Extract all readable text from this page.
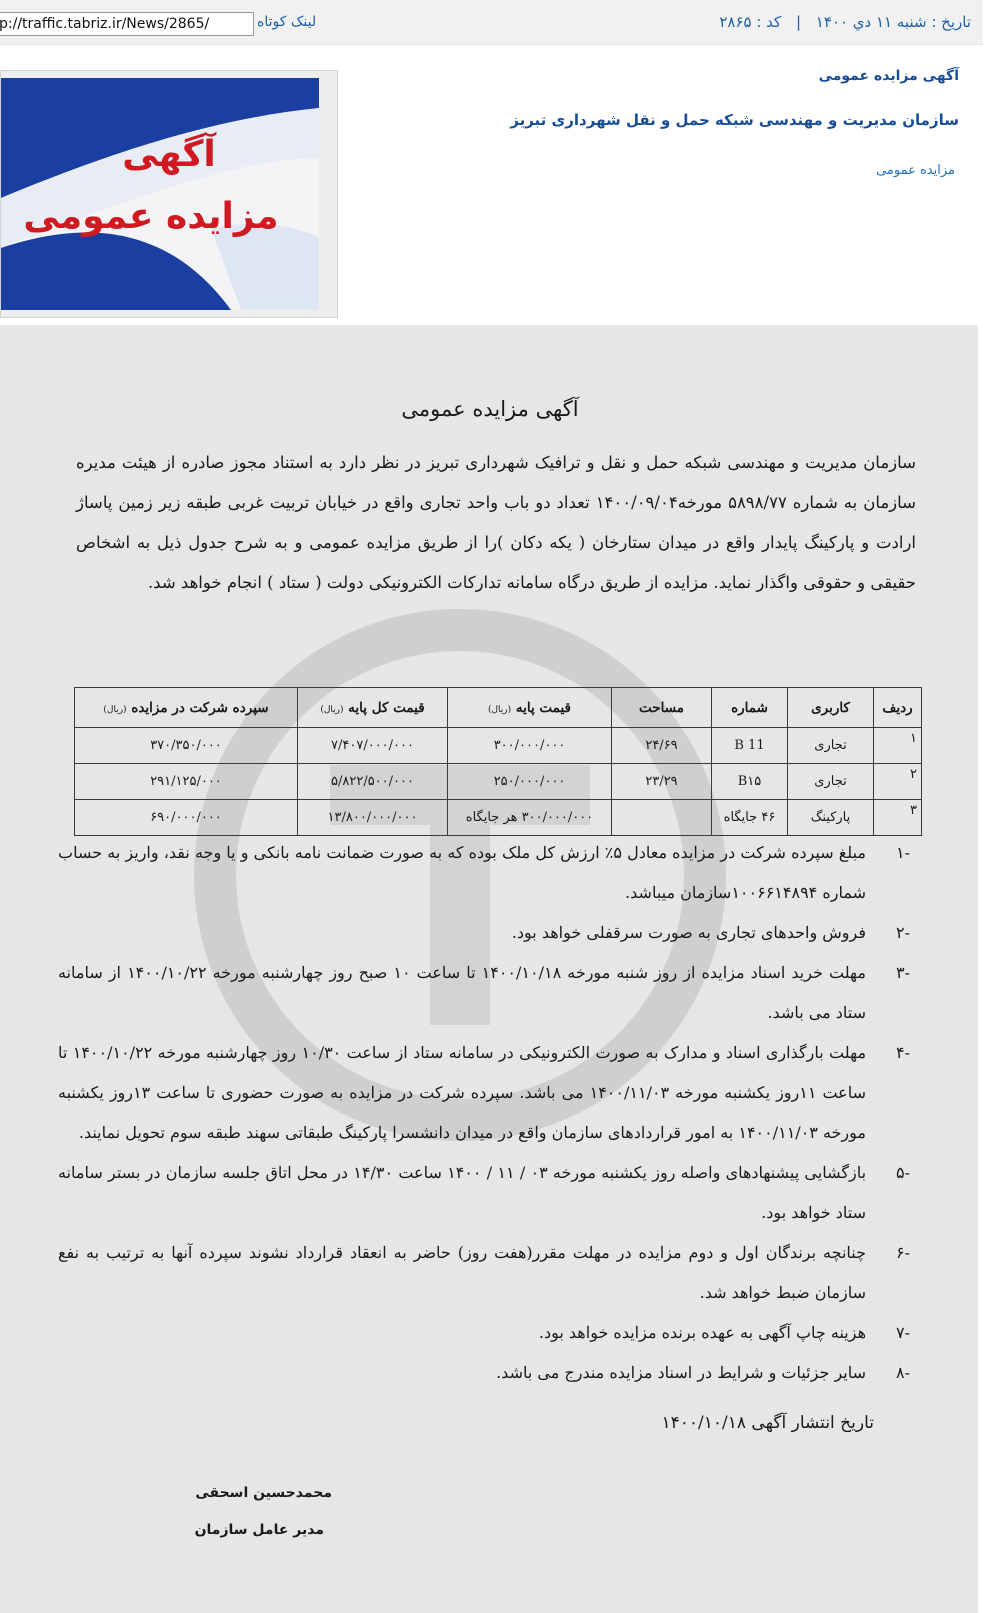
تاریخ : شنبه ۱۱ دي ۱۴۰۰ | کد : ۲۸۶۵
لینک کوتاه
p://traffic.tabriz.ir/News/2865/
آگهی مزایده عمومی
سازمان مدیریت و مهندسی شبکه حمل و نقل شهرداری تبریز
مزایده عمومی
آگهی
مزایده عمومی
آگهی مزایده عمومی

سازمان مدیریت و مهندسی شبکه حمل و نقل و ترافیک شهرداری تبریز در نظر دارد به استناد مجوز صادره از هیئت مدیره سازمان به شماره ۵۸۹۸/۷۷ مورخه۱۴۰۰/۰۹/۰۴ تعداد دو باب واحد تجاری واقع در خیابان تربیت غربی طبقه زیر زمین پاساژ ارادت و پارکینگ پایدار واقع در میدان ستارخان ( یکه دکان )را از طریق مزایده عمومی و به شرح جدول ذیل به اشخاص حقیقی و حقوقی واگذار نماید. مزایده از طریق درگاه سامانه تدارکات الکترونیکی دولت ( ستاد ) انجام خواهد شد.

ردیف	کاربری	شماره	مساحت	قیمت پایه (ریال)	قیمت کل پایه (ریال)	سپرده شرکت در مزایده (ریال)
۱	تجاری	B 11	۲۴/۶۹	۳۰۰/۰۰۰/۰۰۰	۷/۴۰۷/۰۰۰/۰۰۰	۳۷۰/۳۵۰/۰۰۰
۲	تجاری	B۱۵	۲۳/۲۹	۲۵۰/۰۰۰/۰۰۰	۵/۸۲۲/۵۰۰/۰۰۰	۲۹۱/۱۲۵/۰۰۰
۳	پارکینگ	۴۶ جایگاه		۳۰۰/۰۰۰/۰۰۰ هر جایگاه	۱۳/۸۰۰/۰۰۰/۰۰۰	۶۹۰/۰۰۰/۰۰۰
-۱
مبلغ سپرده شرکت در مزایده معادل ۵٪ ارزش کل ملک بوده که به صورت ضمانت نامه بانکی و یا وجه نقد، واریز به حساب شماره ۱۰۰۶۶۱۴۸۹۴سازمان میباشد.
-۲
فروش واحدهای تجاری به صورت سرقفلی خواهد بود.
-۳
مهلت خرید اسناد مزایده از روز شنبه مورخه ۱۴۰۰/۱۰/۱۸ تا ساعت ۱۰ صبح روز چهارشنبه مورخه ۱۴۰۰/۱۰/۲۲ از سامانه ستاد می باشد.
-۴
مهلت بارگذاری اسناد و مدارک به صورت الکترونیکی در سامانه ستاد از ساعت ۱۰/۳۰ روز چهارشنبه مورخه ۱۴۰۰/۱۰/۲۲ تا ساعت ۱۱روز یکشنبه مورخه ۱۴۰۰/۱۱/۰۳ می باشد. سپرده شرکت در مزایده به صورت حضوری تا ساعت ۱۳روز یکشنبه مورخه ۱۴۰۰/۱۱/۰۳ به امور قراردادهای سازمان واقع در میدان دانشسرا پارکینگ طبقاتی سهند طبقه سوم تحویل نمایند.
-۵
بازگشایی پیشنهادهای واصله روز یکشنبه مورخه ۰۳ / ۱۱ / ۱۴۰۰ ساعت ۱۴/۳۰ در محل اتاق جلسه سازمان در بستر سامانه ستاد خواهد بود.
-۶
چنانچه برندگان اول و دوم مزایده در مهلت مقرر(هفت روز) حاضر به انعقاد قرارداد نشوند سپرده آنها به ترتیب به نفع سازمان ضبط خواهد شد.
-۷
هزینه چاپ آگهی به عهده برنده مزایده خواهد بود.
-۸
سایر جزئیات و شرایط در اسناد مزایده مندرج می باشد.
تاریخ انتشار آگهی ۱۴۰۰/۱۰/۱۸
محمدحسین اسحقی
مدیر عامل سازمان
